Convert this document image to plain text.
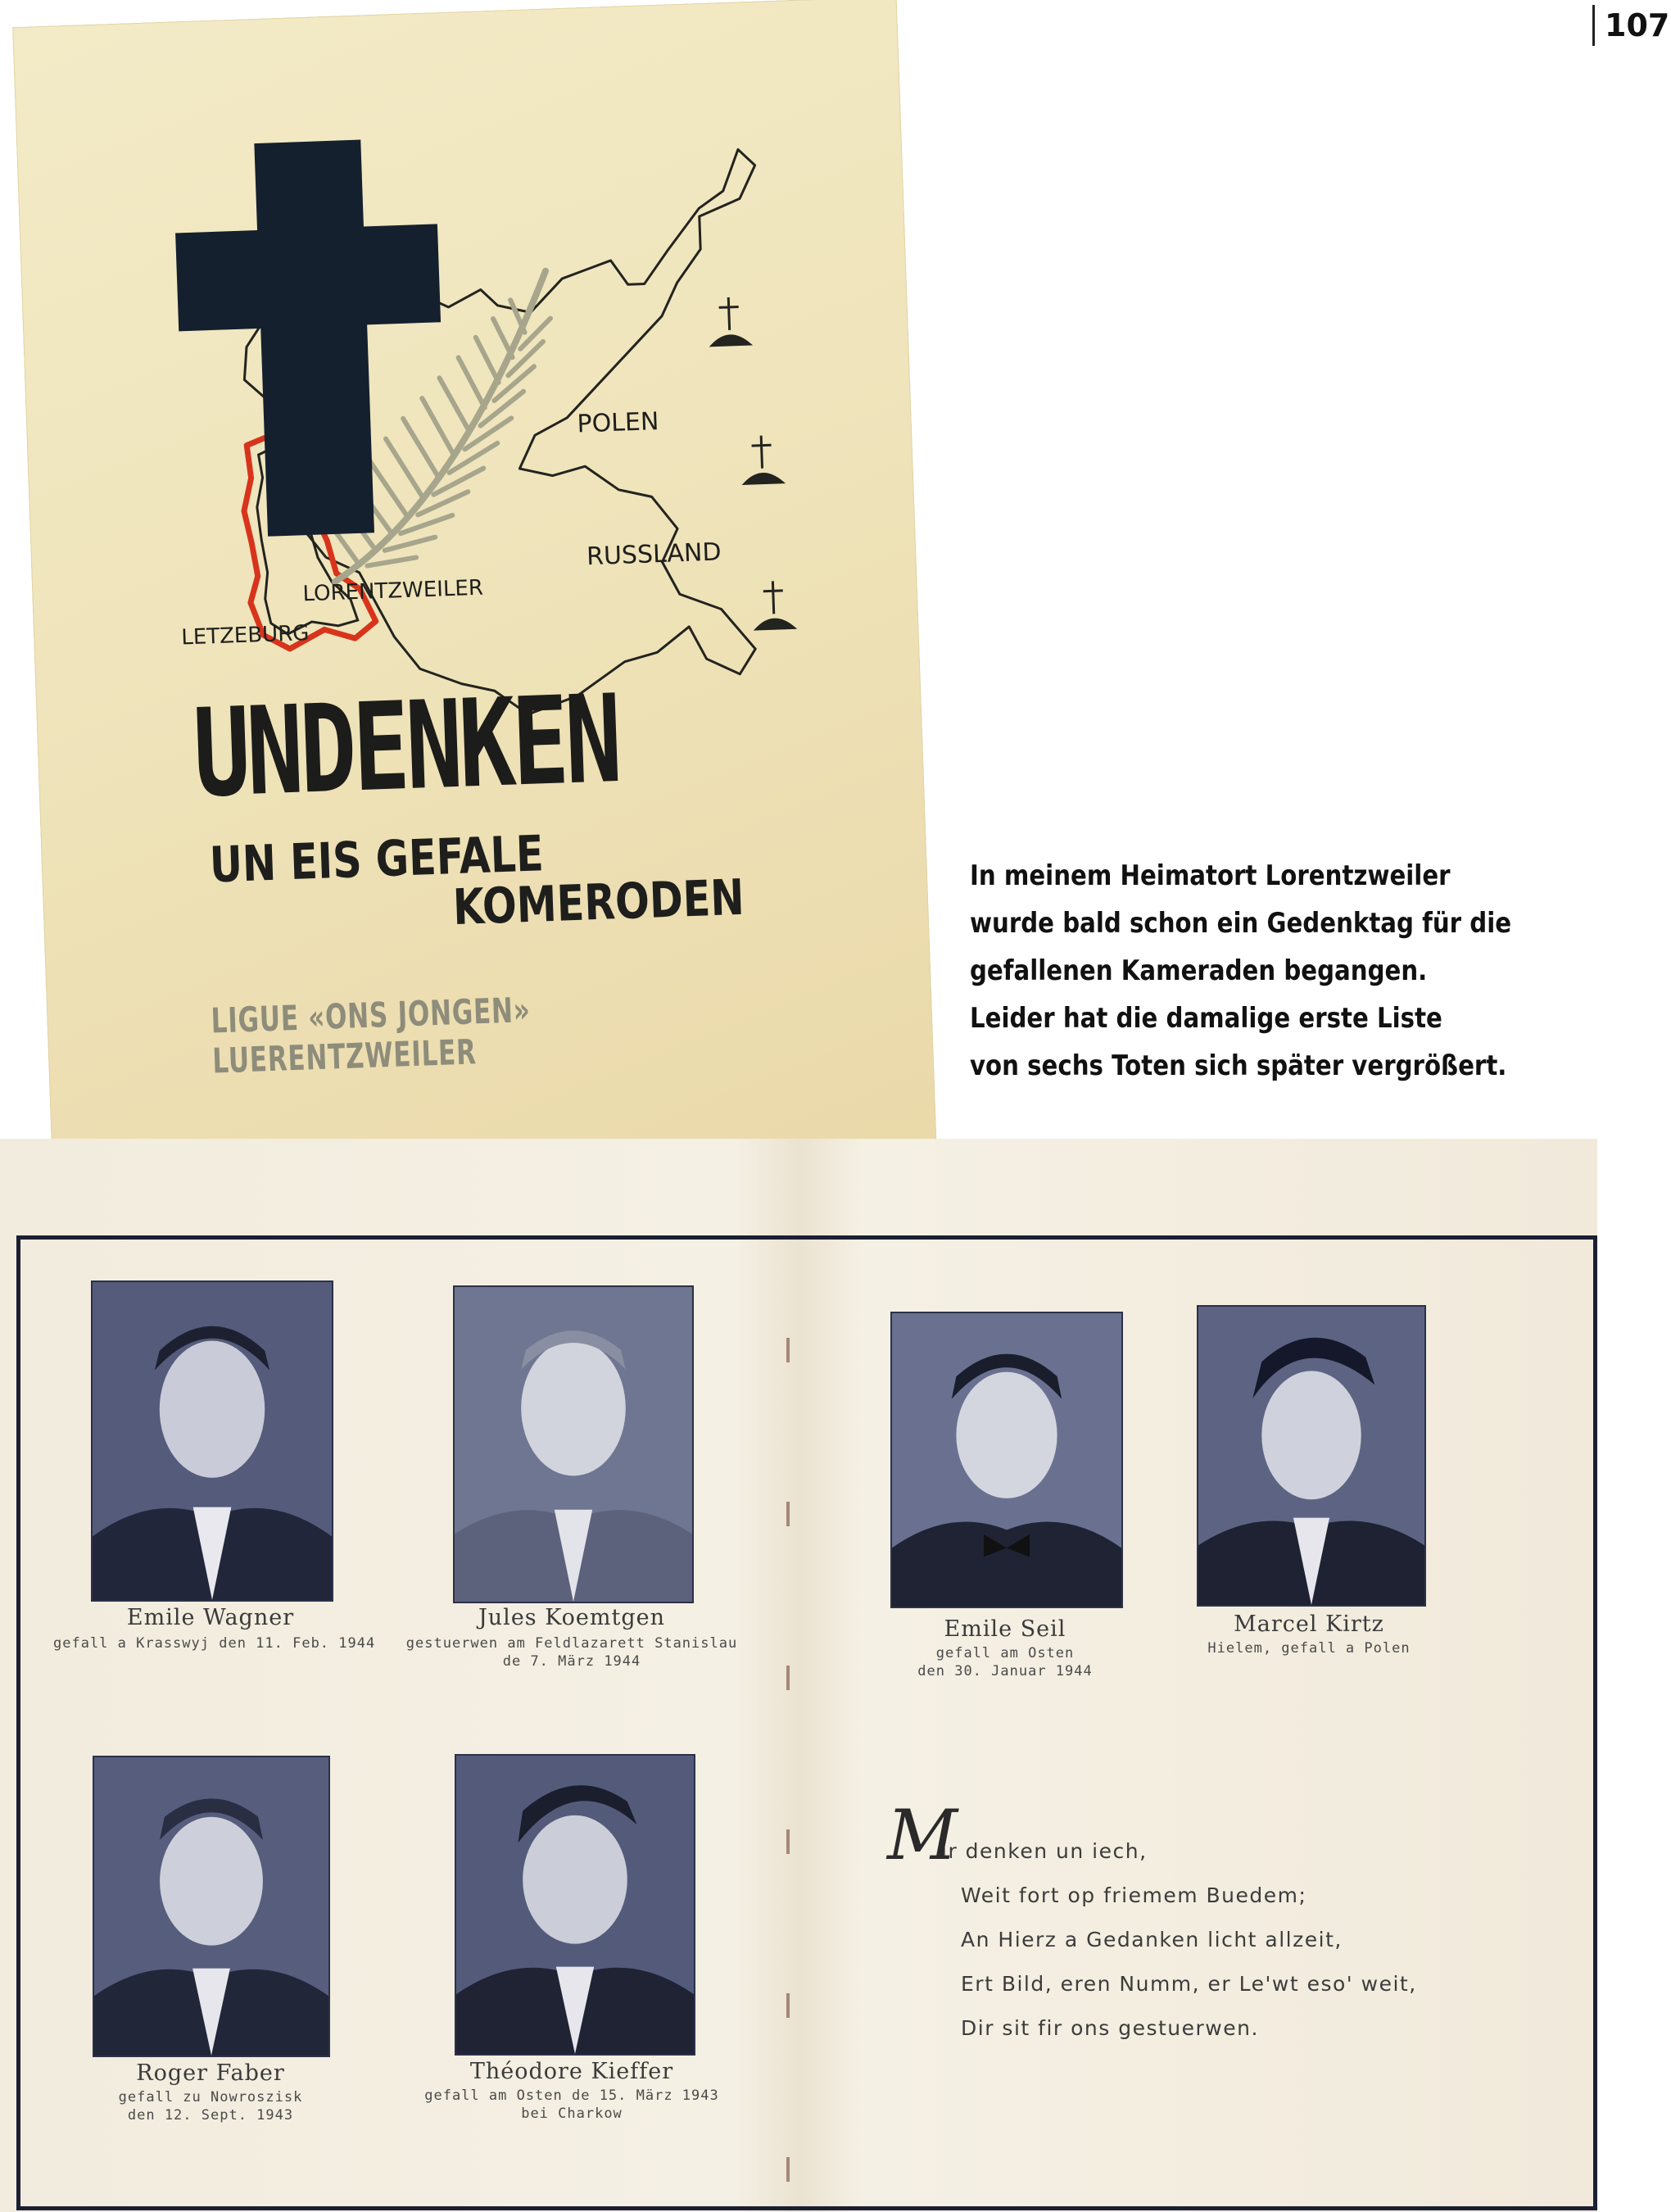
107
POLEN
RUSSLAND
LORENTZWEILER
LETZEBURG
UNDENKEN
UN EIS GEFALE
KOMERODEN
LIGUE «ONS JONGEN» LUERENTZWEILER
In meinem Heimatort Lorentzweiler
wurde bald schon ein Gedenktag für die
gefallenen Kameraden begangen.
Leider hat die damalige erste Liste
von sechs Toten sich später vergrößert.
Emile Wagner
gefall a Krasswyj den 11. Feb. 1944
Jules Koemtgen
gestuerwen am Feldlazarett Stanislau
de 7. März 1944
Emile Seil
gefall am Osten
den 30. Januar 1944
Marcel Kirtz
Hielem, gefall a Polen
Roger Faber
gefall zu Nowroszisk
den 12. Sept. 1943
Théodore Kieffer
gefall am Osten de 15. März 1943
bei Charkow
M
ir denken un iech,
Weit fort op friemem Buedem;
An Hierz a Gedanken licht allzeit,
Ert Bild, eren Numm, er Le'wt eso' weit,
Dir sit fir ons gestuerwen.
